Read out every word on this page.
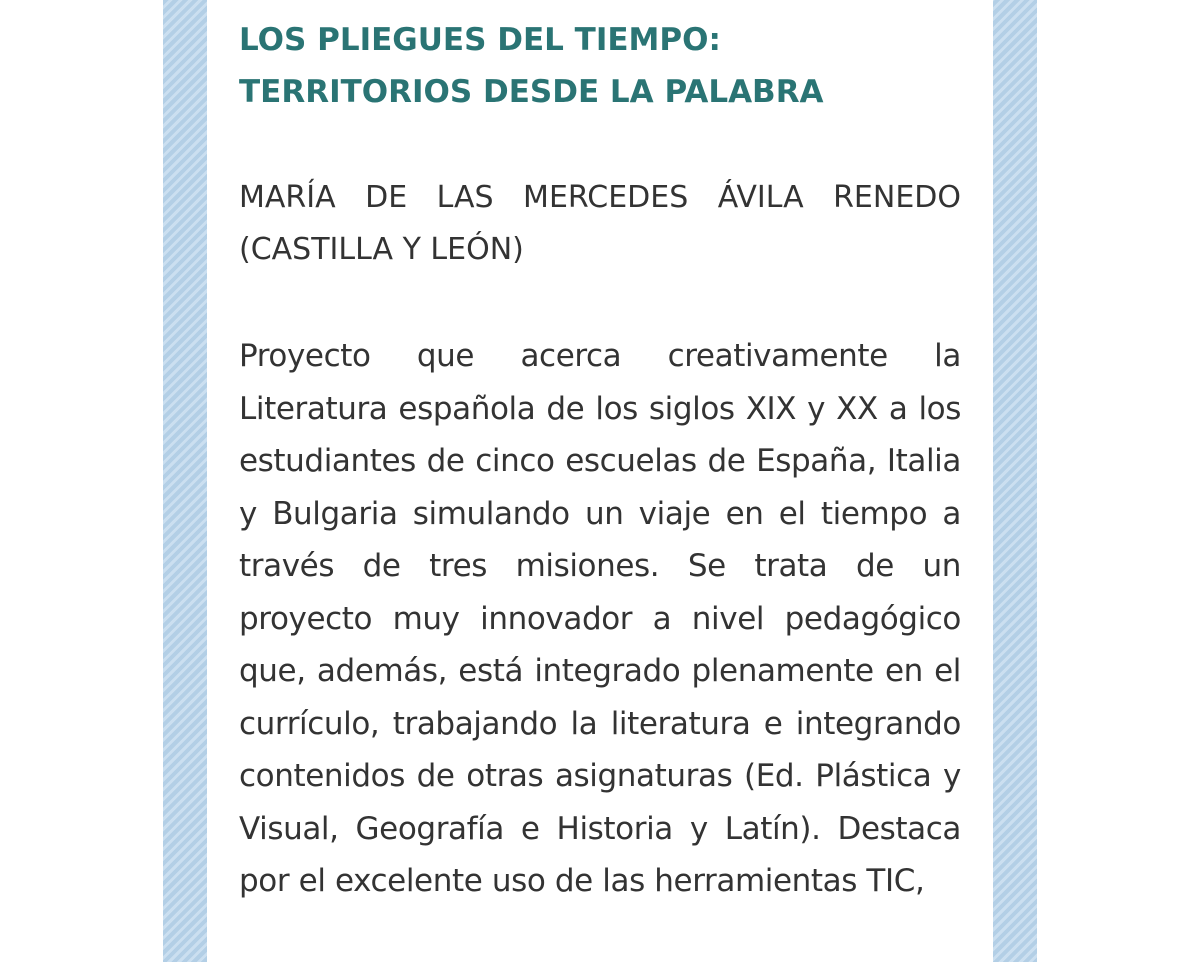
LOS PLIEGUES DEL TIEMPO: TERRITORIOS DESDE LA PALABRA

MARÍA DE LAS MERCEDES ÁVILA RENEDO (CASTILLA Y LEÓN)

Proyecto que acerca creativamente la Literatura española de los siglos XIX y XX a los estudiantes de cinco escuelas de España, Italia y Bulgaria simulando un viaje en el tiempo a través de tres misiones. Se trata de un proyecto muy innovador a nivel pedagógico que, además, está integrado plenamente en el currículo, trabajando la literatura e integrando contenidos de otras asignaturas (Ed. Plástica y Visual, Geografía e Historia y Latín). Destaca por el excelente uso de las herramientas TIC,
